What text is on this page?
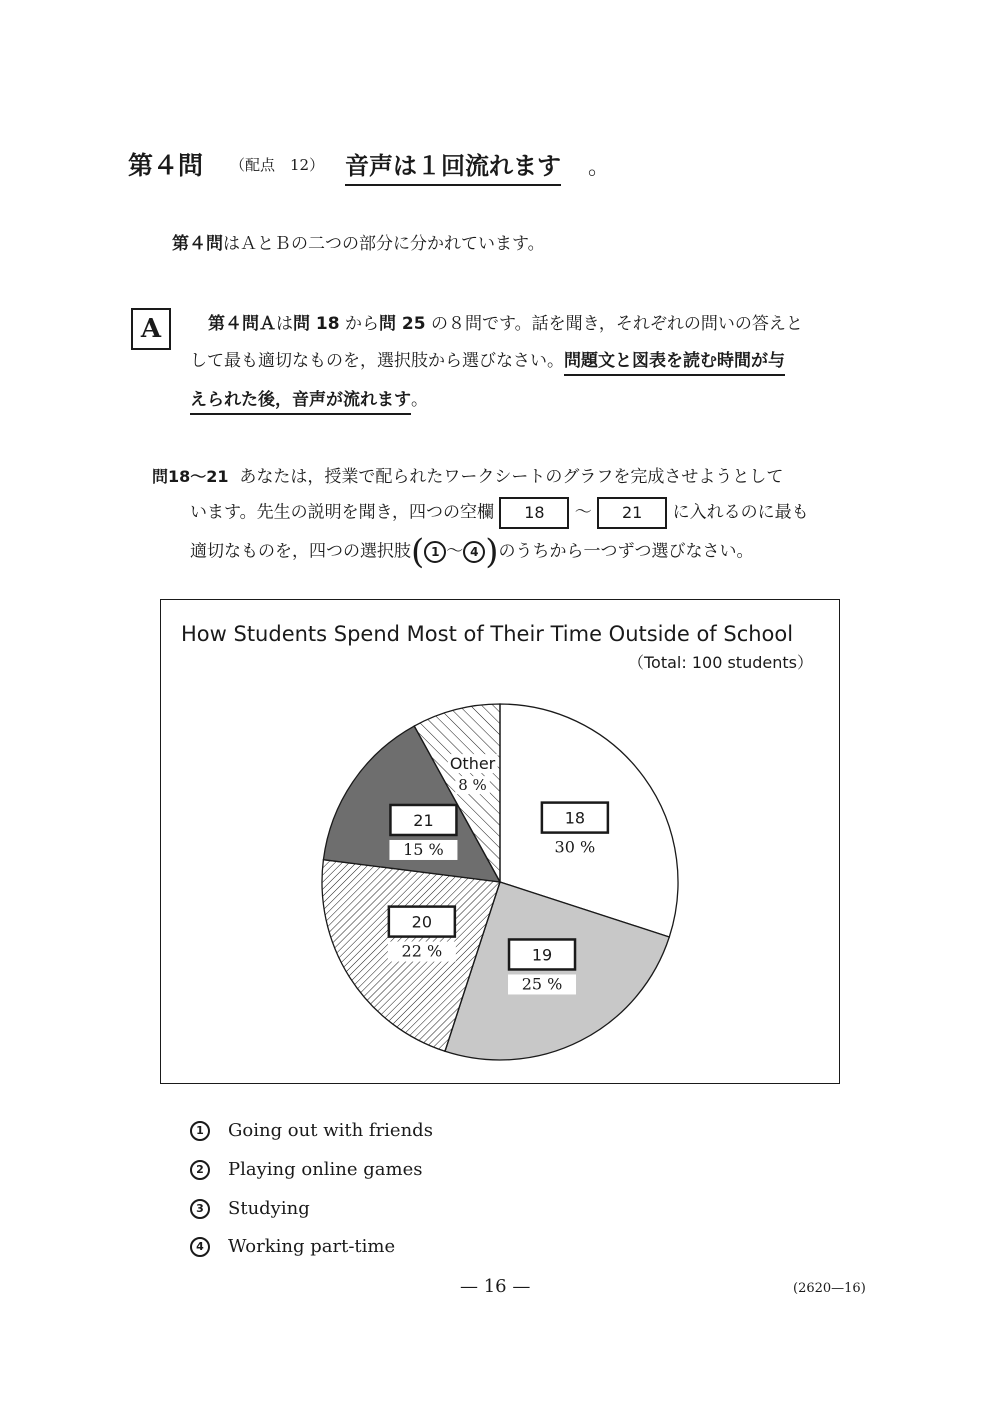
第４問 （配点　12） 音声は１回流れます 。
第４問はＡとＢの二つの部分に分かれています。
A	第４問Ａは問 18 から問 25 の８問です。話を聞き，それぞれの問いの答えと
して最も適切なものを，選択肢から選びなさい。問題文と図表を読む時間が与
えられた後，音声が流れます。
問18～21 あなたは，授業で配られたワークシートのグラフを完成させようとして
います。先生の説明を聞き，四つの空欄 18 ～ 21 に入れるのに最も
適切なものを，四つの選択肢( 1 ～ 4 )のうちから一つずつ選びなさい。
How Students Spend Most of Their Time Outside of School
（Total: 100 students）
18
30 %
19
25 %
20
22 %
21
15 %
Other
8 %
1 Going out with friends
2 Playing online games
3 Studying
4 Working part-time
— 16 —	(2620—16)
